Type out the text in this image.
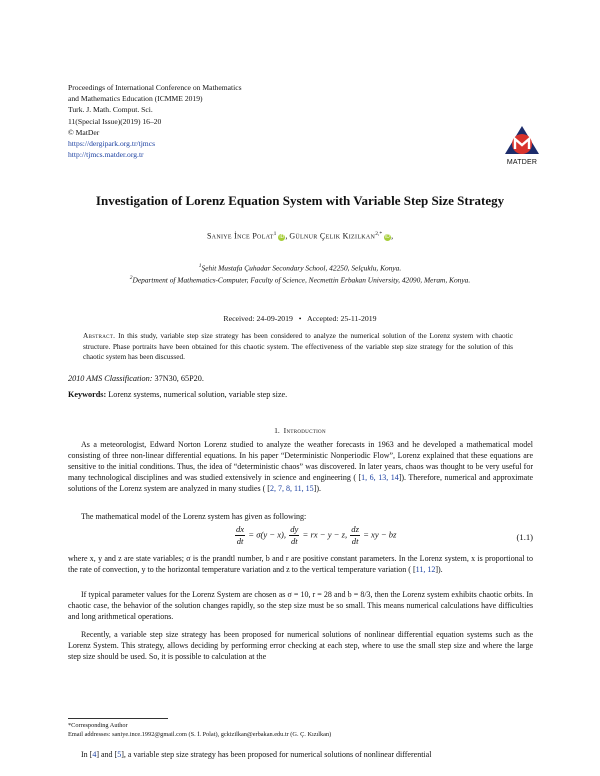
Proceedings of International Conference on Mathematics
and Mathematics Education (ICMME 2019)
Turk. J. Math. Comput. Sci.
11(Special Issue)(2019) 16–20
© MatDer
https://dergipark.org.tr/tjmcs
http://tjmcs.matder.org.tr
MATDER
Investigation of Lorenz Equation System with Variable Step Size Strategy
Saniye İnce Polat$^1$ iD, Gülnur Çelik Kızılkan$^{2,*}$ iD,
$^1$Şehit Mustafa Çuhadar Secondary School, 42250, Selçuklu, Konya.
$^2$Department of Mathematics-Computer, Faculty of Science, Necmettin Erbakan University, 42090, Meram, Konya.
Received: 24-09-2019 • Accepted: 25-11-2019
Abstract. In this study, variable step size strategy has been considered to analyze the numerical solution of the Lorenz system with chaotic structure. Phase portraits have been obtained for this chaotic system. The effectiveness of the variable step size strategy for the solution of this chaotic system has been discussed.
2010 AMS Classification: 37N30, 65P20.
Keywords: Lorenz systems, numerical solution, variable step size.
1. Introduction
As a meteorologist, Edward Norton Lorenz studied to analyze the weather forecasts in 1963 and he developed a mathematical model consisting of three non-linear differential equations. In his paper “Deterministic Nonperiodic Flow”, Lorenz explained that these equations are sensitive to the initial conditions. Thus, the idea of “deterministic chaos” was discovered. In later years, chaos was thought to be very useful for many technological disciplines and was studied extensively in science and engineering ( [1, 6, 13, 14]). Therefore, numerical and approximate solutions of the Lorenz system are analyzed in many studies ( [2, 7, 8, 11, 15]).
The mathematical model of the Lorenz system has given as following:
$\frac{dx}{dt} = \sigma(y - x)$, $\frac{dy}{dt}$ = rx − y − z, $\frac{dz}{dt}$ = xy − bz	(1.1)
where x, y and z are state variables; σ is the prandtl number, b and r are positive constant parameters. In the Lorenz system, x is proportional to the rate of convection, y to the horizontal temperature variation and z to the vertical temperature variation ( [11, 12]).
If typical parameter values for the Lorenz System are chosen as σ = 10, r = 28 and b = 8/3, then the Lorenz system exhibits chaotic orbits. In chaotic case, the behavior of the solution changes rapidly, so the step size must be so small. This means numerical calculations have difficulties and long arithmetical operations.
Recently, a variable step size strategy has been proposed for numerical solutions of nonlinear differential equation systems such as the Lorenz System. This strategy, allows deciding by performing error checking at each step, where to use the small step size and where the large step size should be used. So, it is possible to calculation at the
*Corresponding Author
Email addresses: saniye.ince.1992@gmail.com (S. İ. Polat), gckizilkan@erbakan.edu.tr (G. Ç. Kızılkan)
In [4] and [5], a variable step size strategy has been proposed for numerical solutions of nonlinear differential
